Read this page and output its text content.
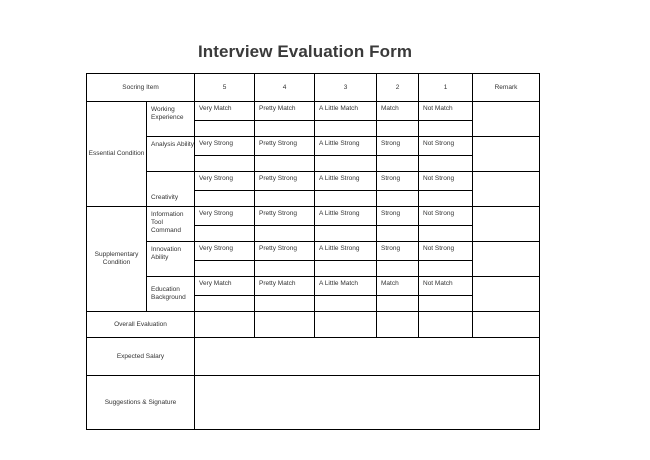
Interview Evaluation Form
Socring Item		5	4	3	2	1	Remark
Essential Condition	Working Experience	Very Match	Pretty Match	A Little Match	Match	Not Match	

	Analysis Ability	Very Strong	Pretty Strong	A Little Strong	Strong	Not Strong	

	Creativity	Very Strong	Pretty Strong	A Little Strong	Strong	Not Strong	

Supplementary Condition	Information Tool Command	Very Strong	Pretty Strong	A Little Strong	Strong	Not Strong	

	Innovation Ability	Very Strong	Pretty Strong	A Little Strong	Strong	Not Strong	

	Education Background	Very Match	Pretty Match	A Little Match	Match	Not Match	

Overall Evaluation							
Expected Salary							
Suggestions & Signature							
